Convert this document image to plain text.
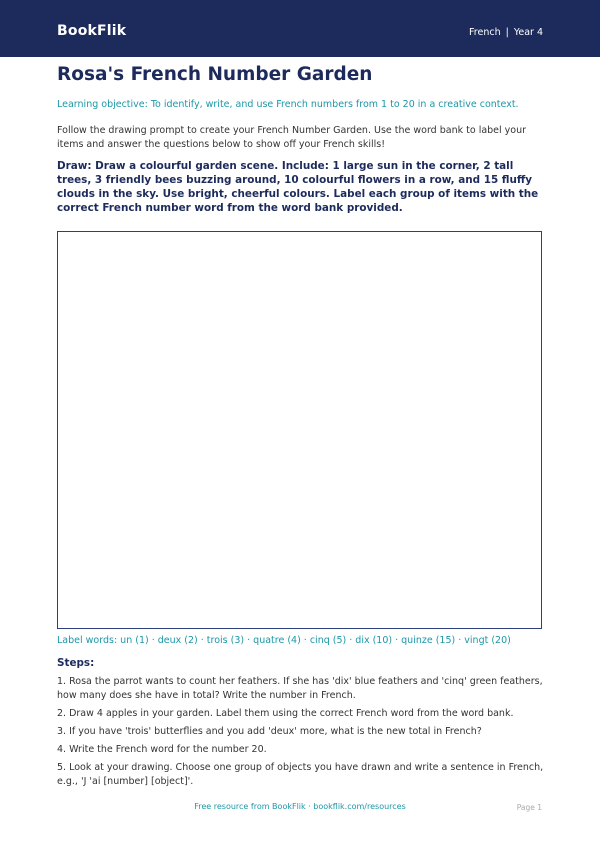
BookFlik	French | Year 4
Rosa's French Number Garden
Learning objective: To identify, write, and use French numbers from 1 to 20 in a creative context.
Follow the drawing prompt to create your French Number Garden. Use the word bank to label your items and answer the questions below to show off your French skills!
Draw: Draw a colourful garden scene. Include: 1 large sun in the corner, 2 tall trees, 3 friendly bees buzzing around, 10 colourful flowers in a row, and 15 fluffy clouds in the sky. Use bright, cheerful colours. Label each group of items with the correct French number word from the word bank provided.
Label words: un (1) · deux (2) · trois (3) · quatre (4) · cinq (5) · dix (10) · quinze (15) · vingt (20)
Steps:
1. Rosa the parrot wants to count her feathers. If she has 'dix' blue feathers and 'cinq' green feathers, how many does she have in total? Write the number in French.
2. Draw 4 apples in your garden. Label them using the correct French word from the word bank.
3. If you have 'trois' butterflies and you add 'deux' more, what is the new total in French?
4. Write the French word for the number 20.
5. Look at your drawing. Choose one group of objects you have drawn and write a sentence in French, e.g., 'J 'ai [number] [object]'.
Free resource from BookFlik · bookflik.com/resources	Page 1
